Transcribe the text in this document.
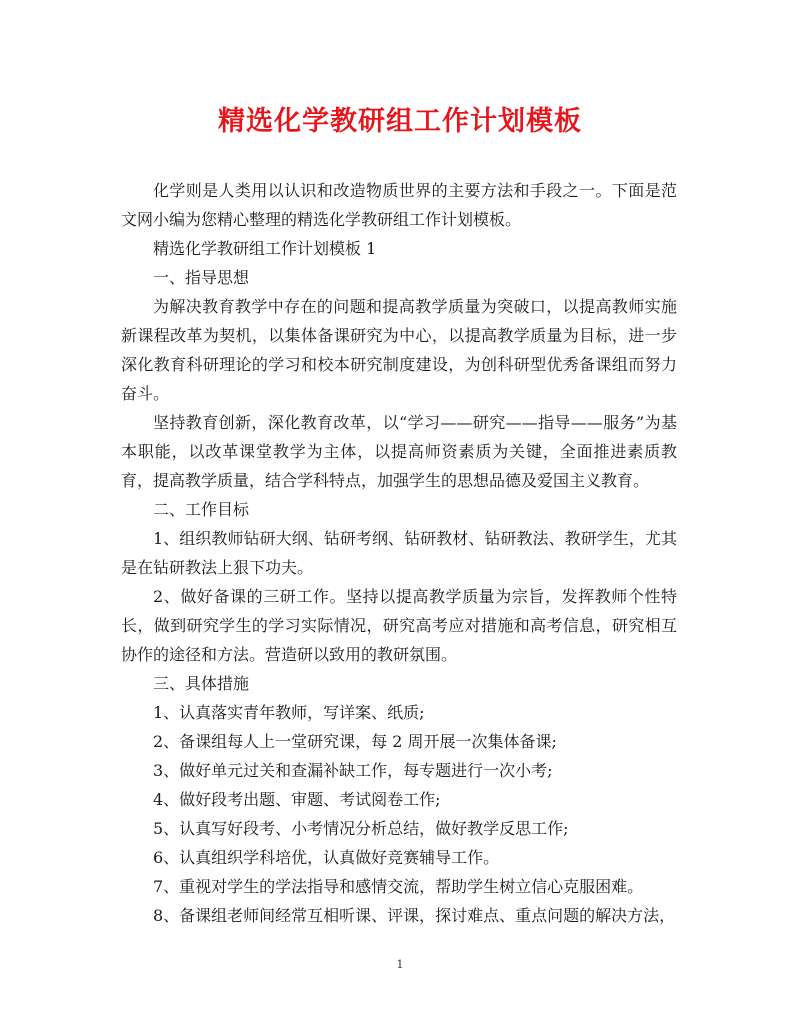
精选化学教研组工作计划模板

化学则是人类用以认识和改造物质世界的主要方法和手段之一。下面是范文网小编为您精心整理的精选化学教研组工作计划模板。

精选化学教研组工作计划模板 1

一、指导思想

为解决教育教学中存在的问题和提高教学质量为突破口，以提高教师实施新课程改革为契机，以集体备课研究为中心，以提高教学质量为目标，进一步深化教育科研理论的学习和校本研究制度建设，为创科研型优秀备课组而努力奋斗。

坚持教育创新，深化教育改革，以“学习——研究——指导——服务”为基本职能，以改革课堂教学为主体，以提高师资素质为关键，全面推进素质教育，提高教学质量，结合学科特点，加强学生的思想品德及爱国主义教育。

二、工作目标

1、组织教师钻研大纲、钻研考纲、钻研教材、钻研教法、教研学生，尤其是在钻研教法上狠下功夫。

2、做好备课的三研工作。坚持以提高教学质量为宗旨，发挥教师个性特长，做到研究学生的学习实际情况，研究高考应对措施和高考信息，研究相互协作的途径和方法。营造研以致用的教研氛围。

三、具体措施

1、认真落实青年教师，写详案、纸质;

2、备课组每人上一堂研究课，每 2 周开展一次集体备课;

3、做好单元过关和查漏补缺工作，每专题进行一次小考;

4、做好段考出题、审题、考试阅卷工作;

5、认真写好段考、小考情况分析总结，做好教学反思工作;

6、认真组织学科培优，认真做好竞赛辅导工作。

7、重视对学生的学法指导和感情交流，帮助学生树立信心克服困难。

8、备课组老师间经常互相听课、评课，探讨难点、重点问题的解决方法，

1
